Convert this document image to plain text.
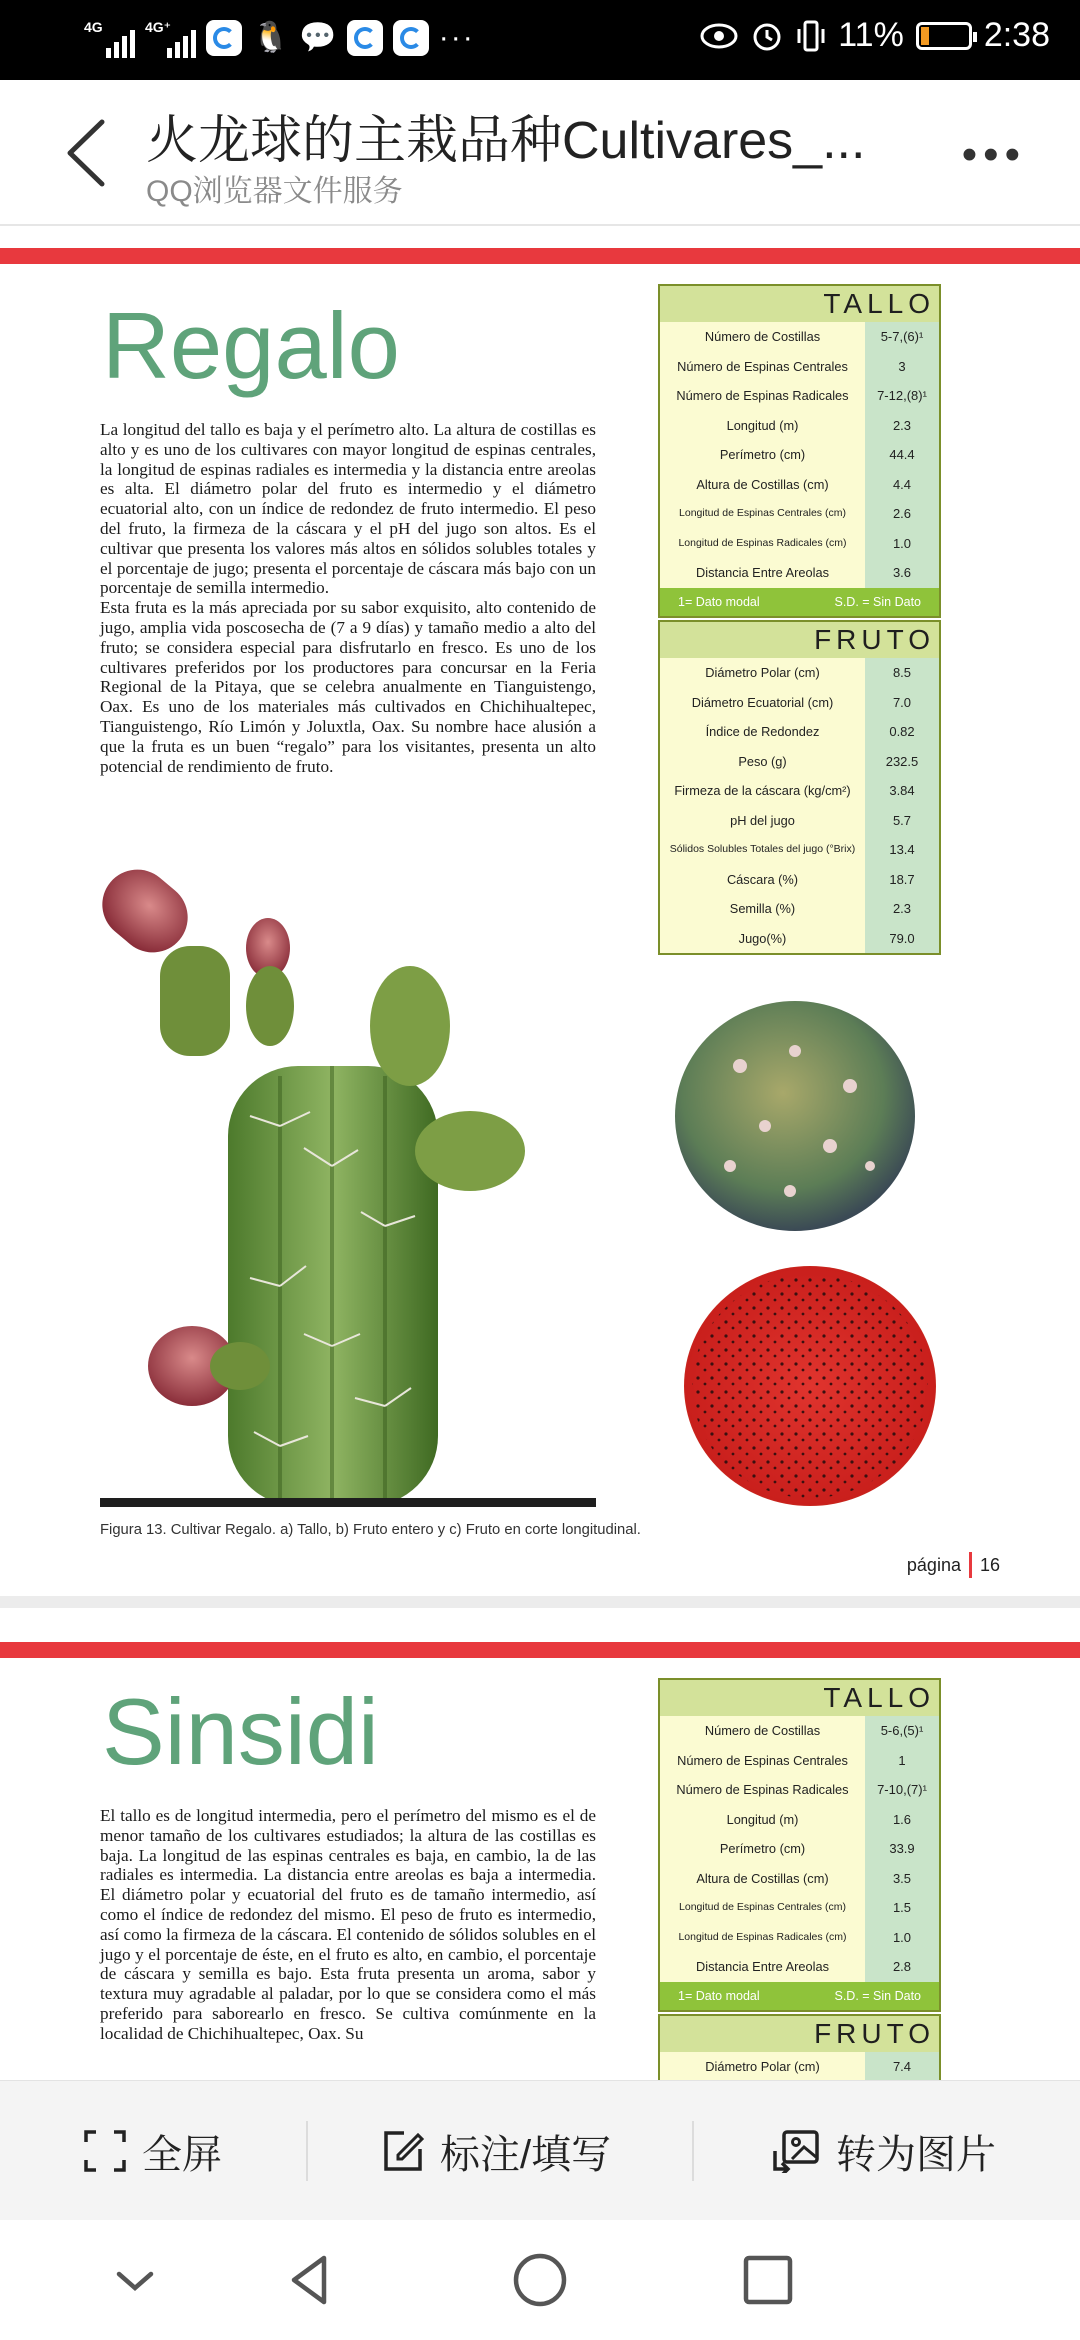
4G	4G⁺	🐧 💬	···	11% 2:38
火龙球的主栽品种Cultivares_...
QQ浏览器文件服务
•••
Regalo

La longitud del tallo es baja y el perímetro alto. La altura de costillas es alto y es uno de los cultivares con mayor longitud de espinas centrales, la longitud de espinas radiales es intermedia y la distancia entre areolas es alta. El diámetro polar del fruto es intermedio y el diámetro ecuatorial alto, con un índice de redondez de fruto intermedio. El peso del fruto, la firmeza de la cáscara y el pH del jugo son altos. Es el cultivar que presenta los valores más altos en sólidos solubles totales y el porcentaje de jugo; presenta el porcentaje de cáscara más bajo con un porcentaje de semilla intermedio.

Esta fruta es la más apreciada por su sabor exquisito, alto contenido de jugo, amplia vida poscosecha de (7 a 9 días) y tamaño medio a alto del fruto; se considera especial para disfrutarlo en fresco. Es uno de los cultivares preferidos por los productores para concursar en la Feria Regional de la Pitaya, que se celebra anualmente en Tianguistengo, Oax. Es uno de los materiales más cultivados en Chichihualtepec, Tianguistengo, Río Limón y Joluxtla, Oax. Su nombre hace alusión a que la fruta es un buen “regalo” para los visitantes, presenta un alto potencial de rendimiento de fruto.

TALLO
Número de Costillas	5-7,(6)¹
Número de Espinas Centrales	3
Número de Espinas Radicales	7-12,(8)¹
Longitud (m)	2.3
Perímetro (cm)	44.4
Altura de Costillas (cm)	4.4
Longitud de Espinas Centrales (cm)	2.6
Longitud de Espinas Radicales (cm)	1.0
Distancia Entre Areolas	3.6
1= Dato modal	S.D. = Sin Dato
FRUTO
Diámetro Polar (cm)	8.5
Diámetro Ecuatorial (cm)	7.0
Índice de Redondez	0.82
Peso (g)	232.5
Firmeza de la cáscara (kg/cm²)	3.84
pH del jugo	5.7
Sólidos Solubles Totales del jugo (°Brix)	13.4
Cáscara (%)	18.7
Semilla (%)	2.3
Jugo(%)	79.0
Figura 13. Cultivar Regalo. a) Tallo, b) Fruto entero y c) Fruto en corte longitudinal.
página 16
Sinsidi

El tallo es de longitud intermedia, pero el perímetro del mismo es el de menor tamaño de los cultivares estudiados; la altura de las costillas es baja. La longitud de las espinas centrales es baja, en cambio, la de las radiales es intermedia. La distancia entre areolas es baja a intermedia. El diámetro polar y ecuatorial del fruto es de tamaño intermedio, así como el índice de redondez del mismo. El peso de fruto es intermedio, así como la firmeza de la cáscara. El contenido de sólidos solubles en el jugo y el porcentaje de éste, en el fruto es alto, en cambio, el porcentaje de cáscara y semilla es bajo. Esta fruta presenta un aroma, sabor y textura muy agradable al paladar, por lo que se considera como el más preferido para saborearlo en fresco. Se cultiva comúnmente en la localidad de Chichihualtepec, Oax. Su

TALLO
Número de Costillas	5-6,(5)¹
Número de Espinas Centrales	1
Número de Espinas Radicales	7-10,(7)¹
Longitud (m)	1.6
Perímetro (cm)	33.9
Altura de Costillas (cm)	3.5
Longitud de Espinas Centrales (cm)	1.5
Longitud de Espinas Radicales (cm)	1.0
Distancia Entre Areolas	2.8
1= Dato modal	S.D. = Sin Dato
FRUTO
Diámetro Polar (cm)	7.4
全屏	标注/填写	转为图片
